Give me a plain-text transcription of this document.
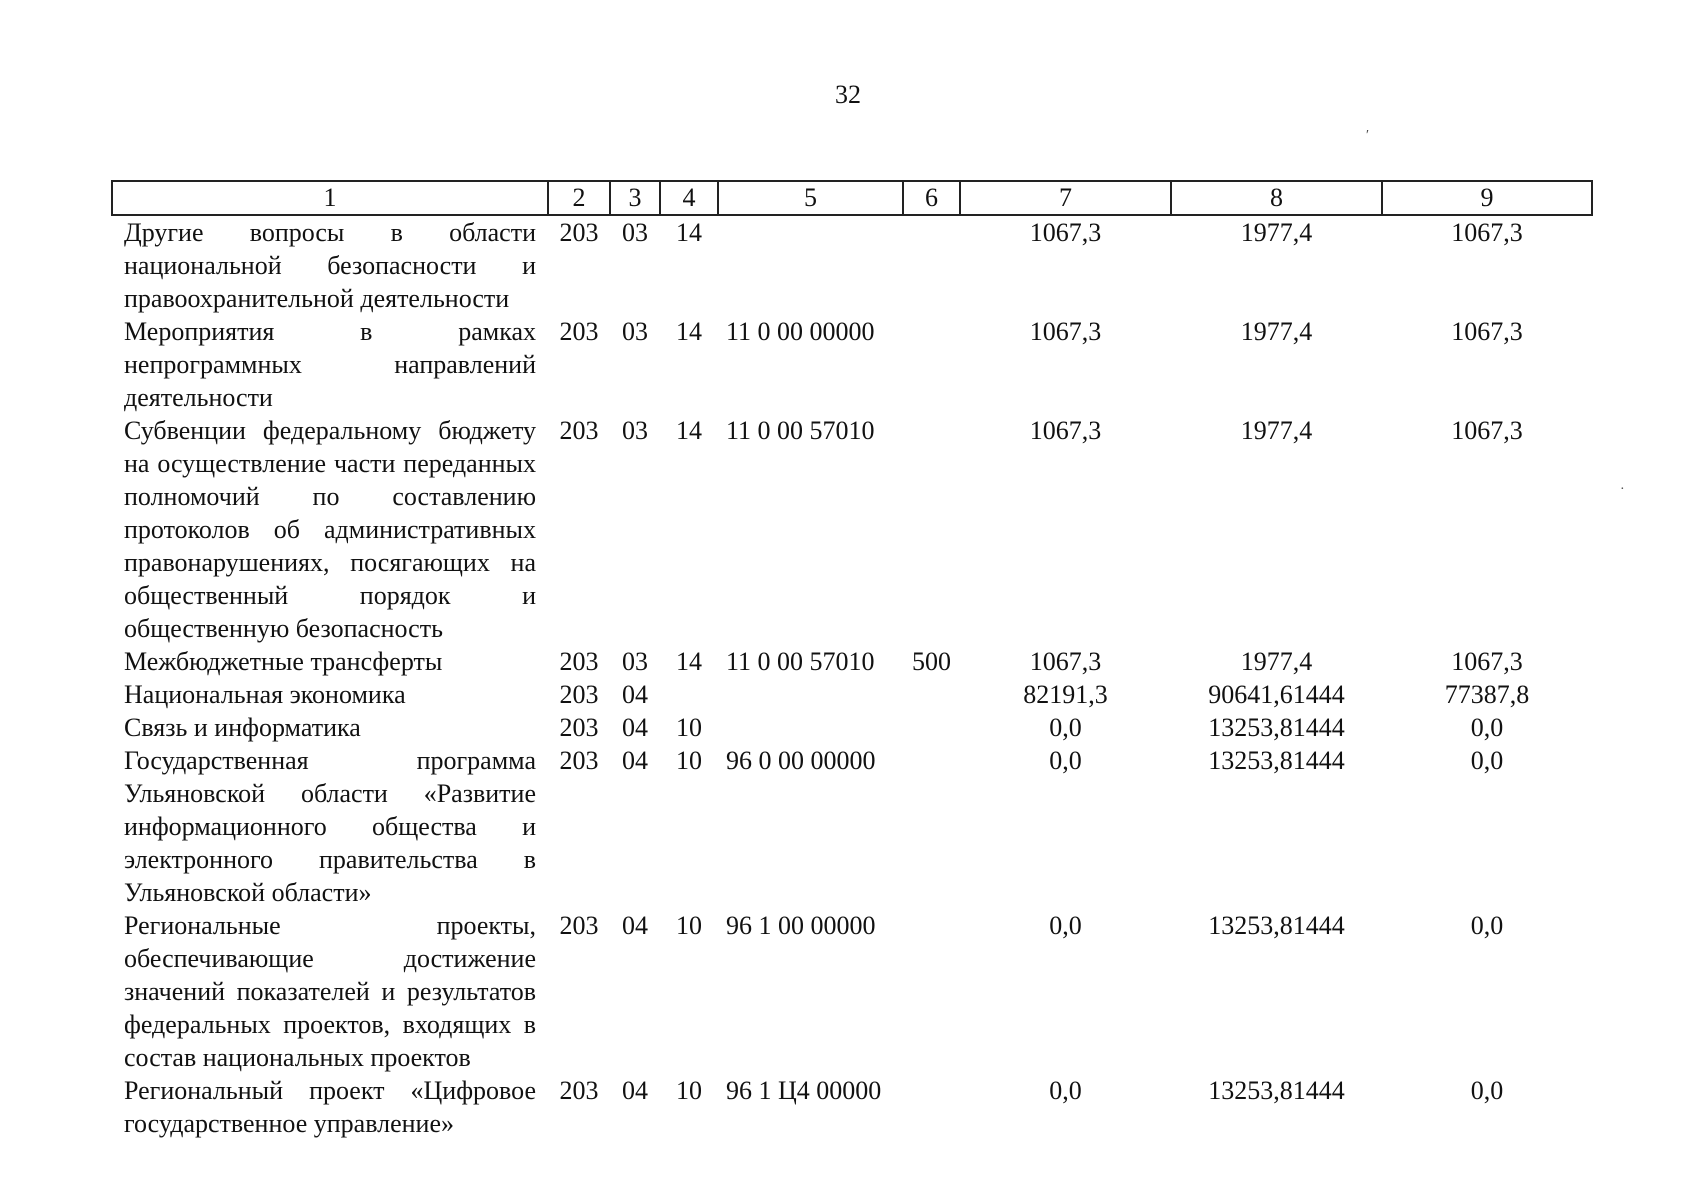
32
1	2	3	4	5	6	7	8	9
Другие вопросы в области национальной безопасности и правоохранительной деятельности	203	03	14			1067,3	1977,4	1067,3
Мероприятия в рамках непрограммных направлений деятельности	203	03	14	11 0 00 00000		1067,3	1977,4	1067,3
Субвенции федеральному бюджету на осуществление части переданных полномочий по составлению протоколов об административных правонарушениях, посягающих на общественный порядок и общественную безопасность	203	03	14	11 0 00 57010		1067,3	1977,4	1067,3
Межбюджетные трансферты	203	03	14	11 0 00 57010	500	1067,3	1977,4	1067,3
Национальная экономика	203	04				82191,3	90641,61444	77387,8
Связь и информатика	203	04	10			0,0	13253,81444	0,0
Государственная программа Ульяновской области «Развитие информационного общества и электронного правительства в Ульяновской области»	203	04	10	96 0 00 00000		0,0	13253,81444	0,0
Региональные проекты, обеспечивающие достижение значений показателей и результатов федеральных проектов, входящих в состав национальных проектов	203	04	10	96 1 00 00000		0,0	13253,81444	0,0
Региональный проект «Цифровое государственное управление»	203	04	10	96 1 Ц4 00000		0,0	13253,81444	0,0
′
·
